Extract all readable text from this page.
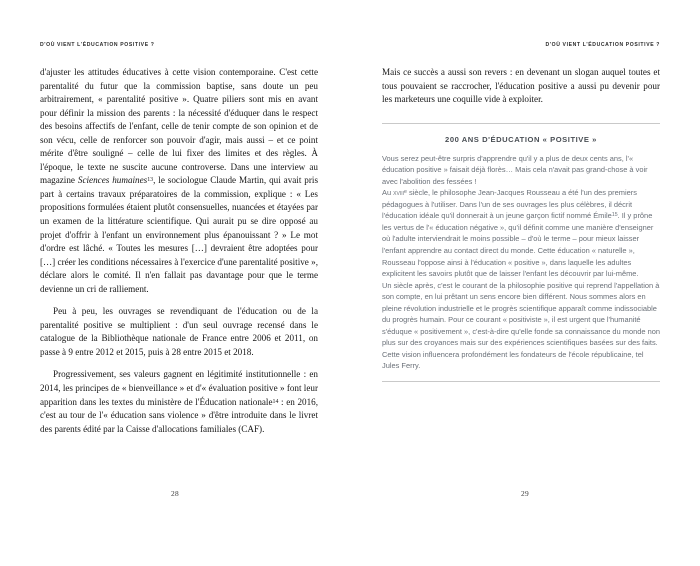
D'OÙ VIENT L'ÉDUCATION POSITIVE ?

d'ajuster les attitudes éducatives à cette vision contemporaine. C'est cette parentalité du futur que la commission baptise, sans doute un peu arbitrairement, « parentalité positive ». Quatre piliers sont mis en avant pour définir la mission des parents : la nécessité d'éduquer dans le respect des besoins affectifs de l'enfant, celle de tenir compte de son opinion et de son vécu, celle de renforcer son pouvoir d'agir, mais aussi – et ce point mérite d'être souligné – celle de lui fixer des limites et des règles. À l'époque, le texte ne suscite aucune controverse. Dans une interview au magazine Sciences humaines$^{13}$, le sociologue Claude Martin, qui avait pris part à certains travaux préparatoires de la commission, explique : « Les propositions formulées étaient plutôt consensuelles, nuancées et étayées par un examen de la littérature scientifique. Qui aurait pu se dire opposé au projet d'offrir à l'enfant un environnement plus épanouissant ? » Le mot d'ordre est lâché. « Toutes les mesures […] devraient être adoptées pour […] créer les conditions nécessaires à l'exercice d'une parentalité positive », déclare alors le comité. Il n'en fallait pas davantage pour que le terme devienne un cri de ralliement.

Peu à peu, les ouvrages se revendiquant de l'éducation ou de la parentalité positive se multiplient : d'un seul ouvrage recensé dans le catalogue de la Bibliothèque nationale de France entre 2006 et 2011, on passe à 9 entre 2012 et 2015, puis à 28 entre 2015 et 2018.

Progressivement, ses valeurs gagnent en légitimité institutionnelle : en 2014, les principes de « bienveillance » et d'« évaluation positive » font leur apparition dans les textes du ministère de l'Éducation nationale$^{14}$ : en 2016, c'est au tour de l'« éducation sans violence » d'être introduite dans le livret des parents édité par la Caisse d'allocations familiales (CAF).

28
D'OÙ VIENT L'ÉDUCATION POSITIVE ?

Mais ce succès a aussi son revers : en devenant un slogan auquel toutes et tous pouvaient se raccrocher, l'éducation positive a aussi pu devenir pour les marketeurs une coquille vide à exploiter.

200 ANS D'ÉDUCATION « POSITIVE »

Vous serez peut-être surpris d'apprendre qu'il y a plus de deux cents ans, l'« éducation positive » faisait déjà florès… Mais cela n'avait pas grand-chose à voir avec l'abolition des fessées !

Au xviii$^e$ siècle, le philosophe Jean-Jacques Rousseau a été l'un des premiers pédagogues à l'utiliser. Dans l'un de ses ouvrages les plus célèbres, il décrit l'éducation idéale qu'il donnerait à un jeune garçon fictif nommé Émile$^{15}$. Il y prône les vertus de l'« éducation négative », qu'il définit comme une manière d'enseigner où l'adulte interviendrait le moins possible – d'où le terme – pour mieux laisser l'enfant apprendre au contact direct du monde. Cette éducation « naturelle », Rousseau l'oppose ainsi à l'éducation « positive », dans laquelle les adultes explicitent les savoirs plutôt que de laisser l'enfant les découvrir par lui-même.

Un siècle après, c'est le courant de la philosophie positive qui reprend l'appellation à son compte, en lui prêtant un sens encore bien différent. Nous sommes alors en pleine révolution industrielle et le progrès scientifique apparaît comme indissociable du progrès humain. Pour ce courant « positiviste », il est urgent que l'humanité s'éduque « positivement », c'est-à-dire qu'elle fonde sa connaissance du monde non plus sur des croyances mais sur des expériences scientifiques basées sur des faits. Cette vision influencera profondément les fondateurs de l'école républicaine, tel Jules Ferry.

29
